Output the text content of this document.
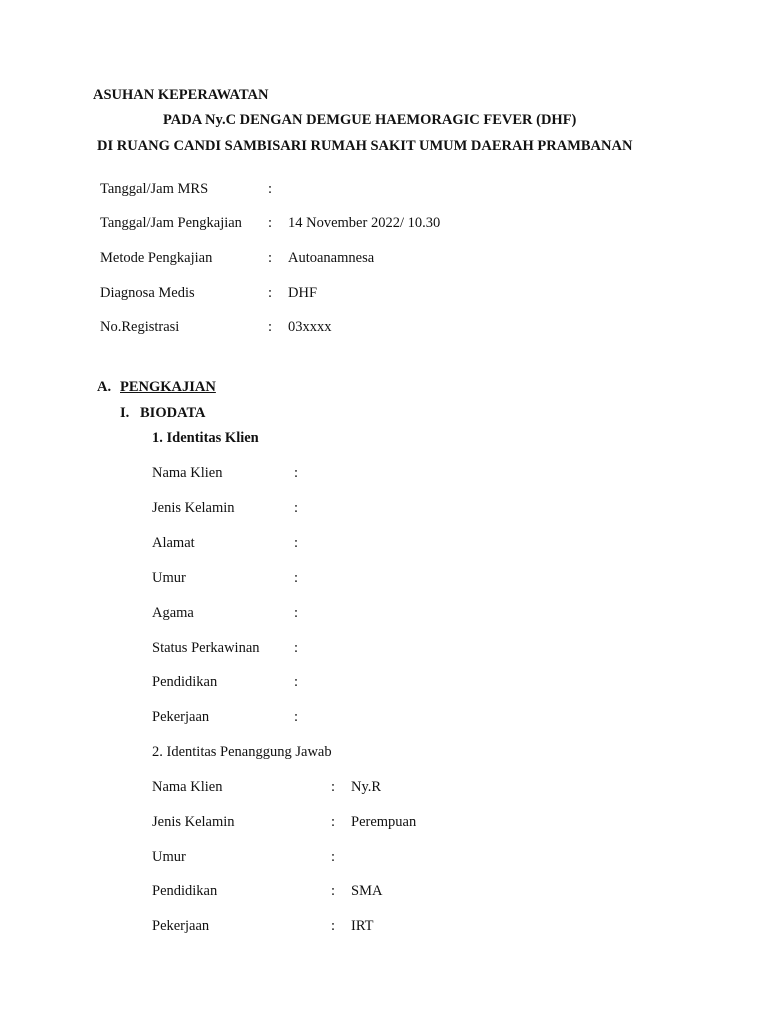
ASUHAN KEPERAWATAN
PADA Ny.C DENGAN DEMGUE HAEMORAGIC FEVER (DHF)
DI RUANG CANDI SAMBISARI RUMAH SAKIT UMUM DAERAH PRAMBANAN
Tanggal/Jam MRS	:
Tanggal/Jam Pengkajian : 14 November 2022/ 10.30
Metode Pengkajian	: Autoanamnesa
Diagnosa Medis	: DHF
No.Registrasi	: 03xxxx
A. PENGKAJIAN
I. BIODATA
1. Identitas Klien
Nama Klien	:
Jenis Kelamin	:
Alamat	:
Umur	:
Agama	:
Status Perkawinan :
Pendidikan	:
Pekerjaan	:
2. Identitas Penanggung Jawab
Nama Klien	: Ny.R
Jenis Kelamin	: Perempuan
Umur	:
Pendidikan	: SMA
Pekerjaan	: IRT
